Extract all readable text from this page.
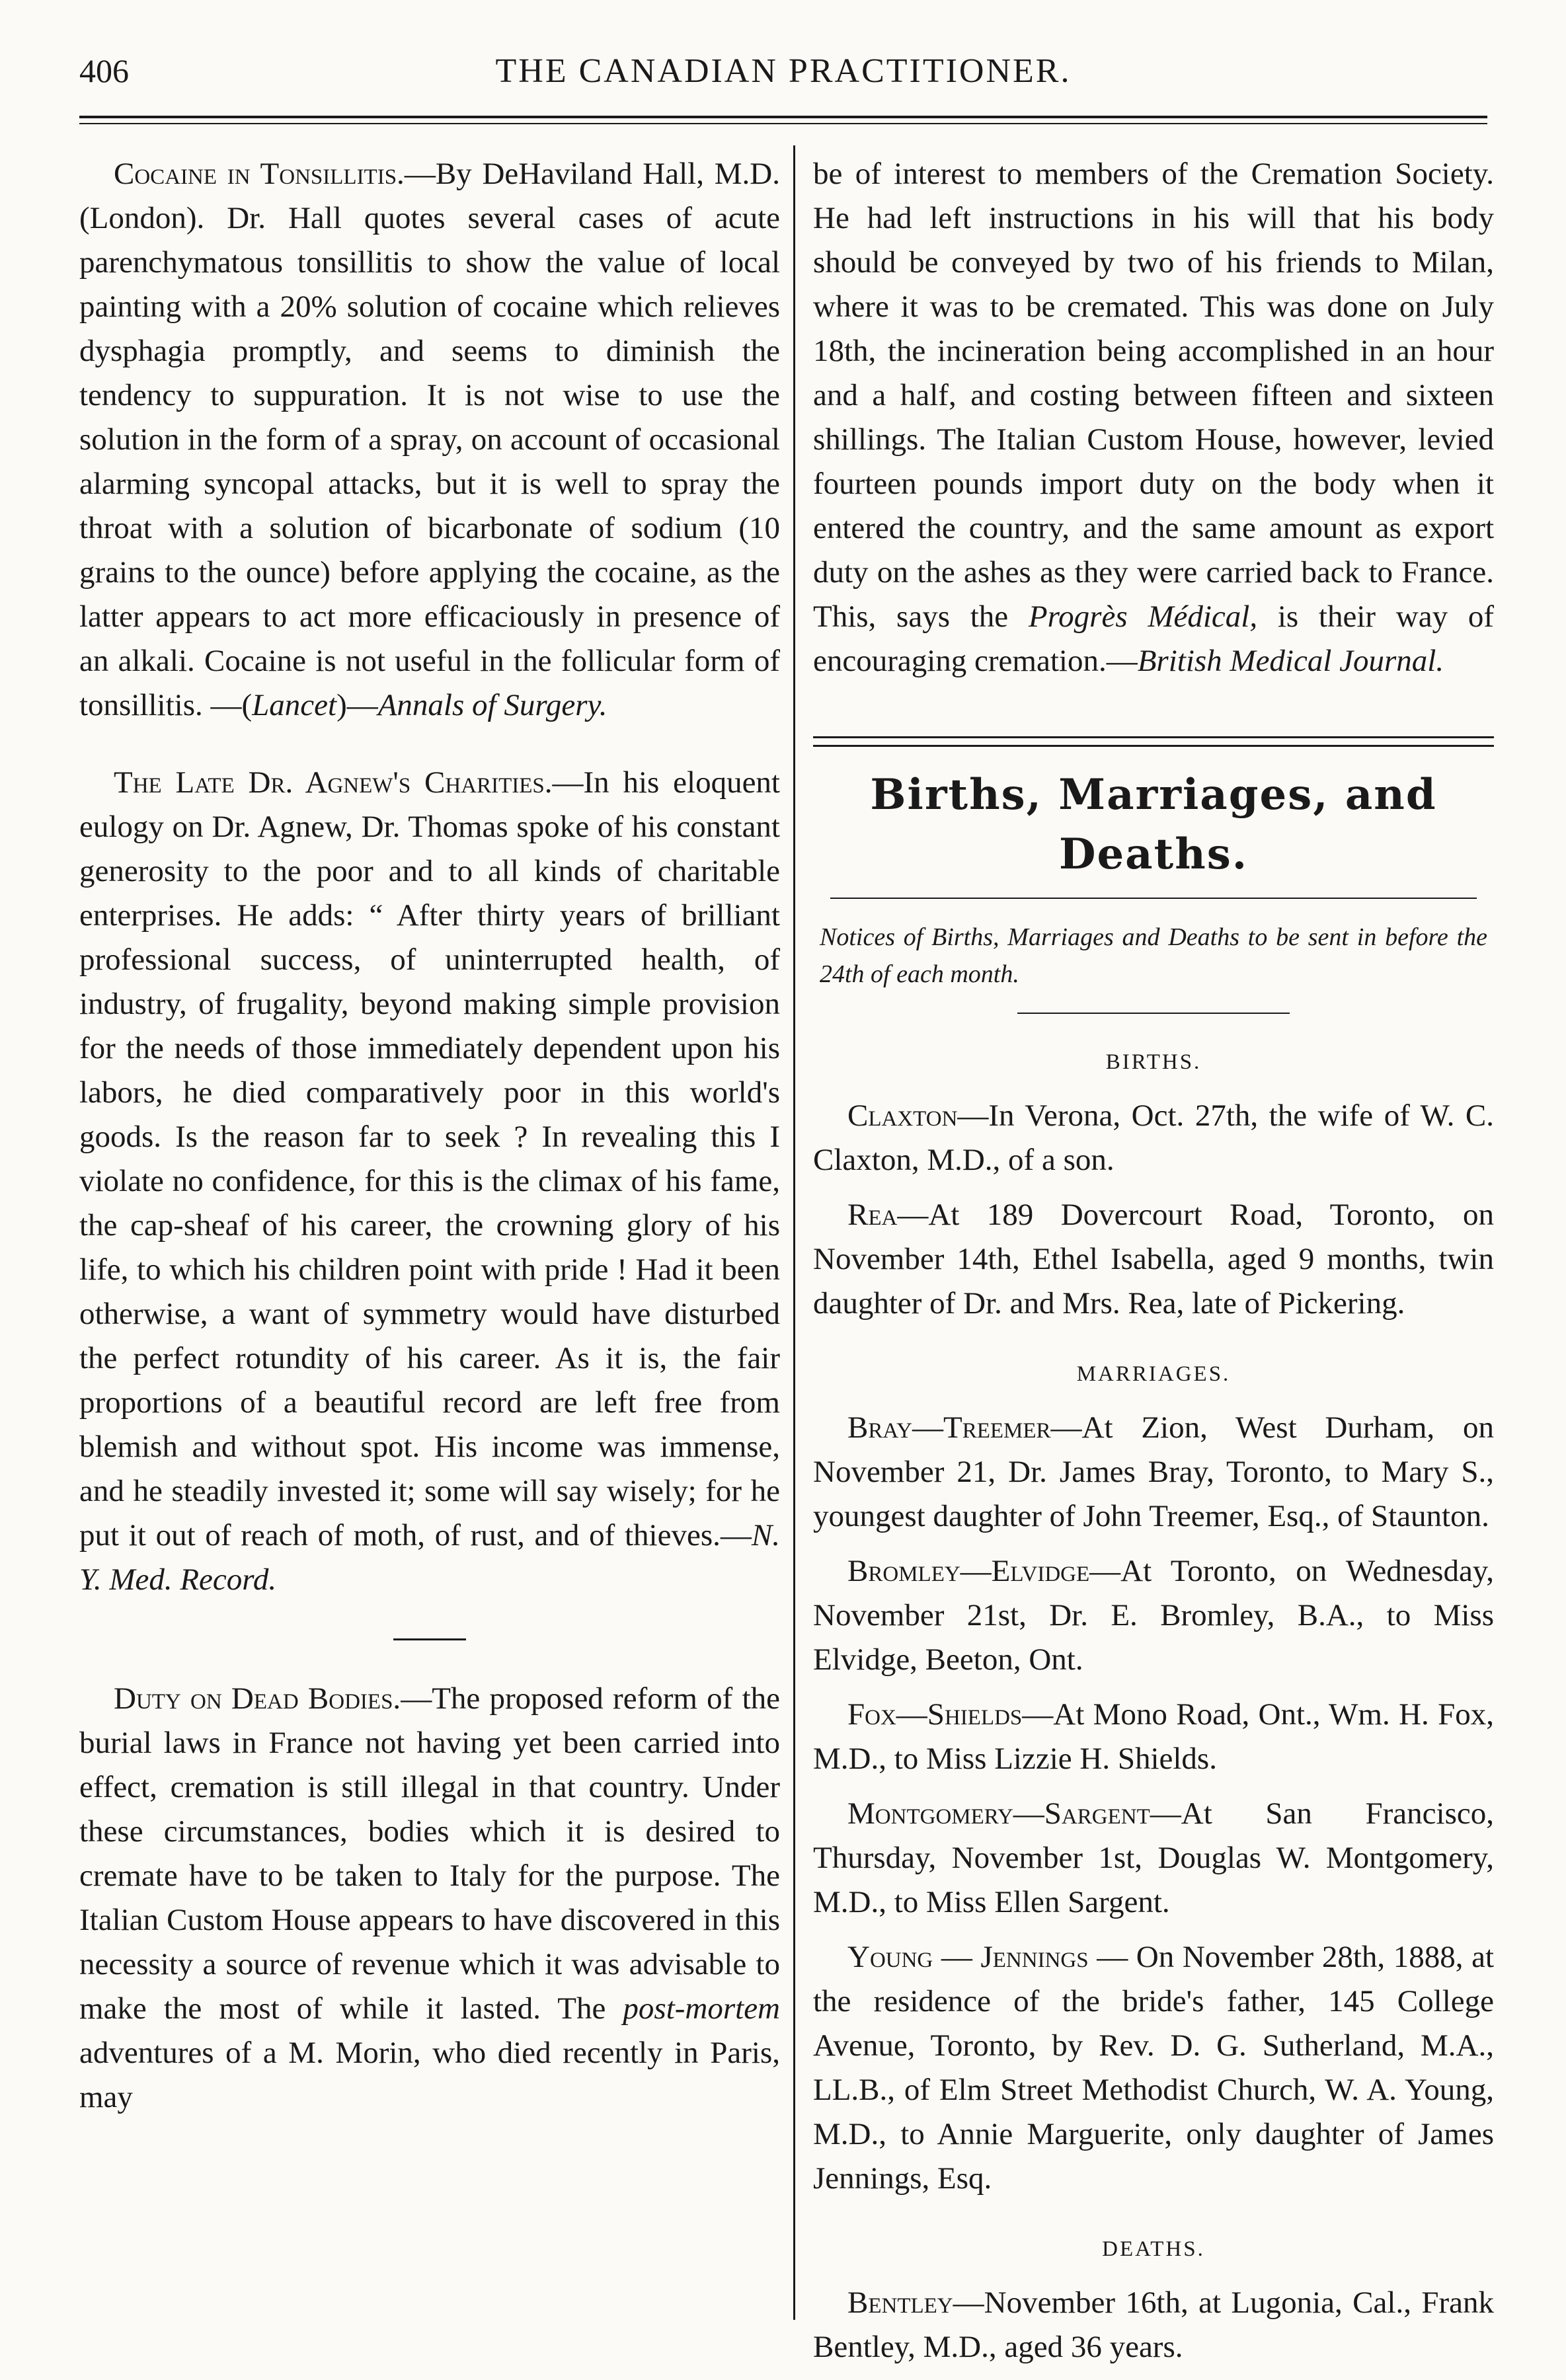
406	THE CANADIAN PRACTITIONER.

Cocaine in Tonsillitis.—By DeHaviland Hall, M.D. (London). Dr. Hall quotes several cases of acute parenchymatous tonsillitis to show the value of local painting with a 20% solution of cocaine which relieves dysphagia promptly, and seems to diminish the tendency to suppuration. It is not wise to use the solution in the form of a spray, on account of occasional alarming syncopal attacks, but it is well to spray the throat with a solution of bicarbonate of sodium (10 grains to the ounce) before applying the cocaine, as the latter appears to act more efficaciously in presence of an alkali. Cocaine is not useful in the follicular form of tonsillitis. —(Lancet)—Annals of Surgery.

The Late Dr. Agnew's Charities.—In his eloquent eulogy on Dr. Agnew, Dr. Thomas spoke of his constant generosity to the poor and to all kinds of charitable enterprises. He adds: “ After thirty years of brilliant professional success, of uninterrupted health, of industry, of frugality, beyond making simple provision for the needs of those immediately dependent upon his labors, he died comparatively poor in this world's goods. Is the reason far to seek ? In revealing this I violate no confidence, for this is the climax of his fame, the cap-sheaf of his career, the crowning glory of his life, to which his children point with pride ! Had it been otherwise, a want of symmetry would have disturbed the perfect rotundity of his career. As it is, the fair proportions of a beautiful record are left free from blemish and without spot. His income was immense, and he steadily invested it; some will say wisely; for he put it out of reach of moth, of rust, and of thieves.—N. Y. Med. Record.

Duty on Dead Bodies.—The proposed reform of the burial laws in France not having yet been carried into effect, cremation is still illegal in that country. Under these circumstances, bodies which it is desired to cremate have to be taken to Italy for the purpose. The Italian Custom House appears to have discovered in this necessity a source of revenue which it was advisable to make the most of while it lasted. The post-mortem adventures of a M. Morin, who died recently in Paris, may

be of interest to members of the Cremation Society. He had left instructions in his will that his body should be conveyed by two of his friends to Milan, where it was to be cremated. This was done on July 18th, the incineration being accomplished in an hour and a half, and costing between fifteen and sixteen shillings. The Italian Custom House, however, levied fourteen pounds import duty on the body when it entered the country, and the same amount as export duty on the ashes as they were carried back to France. This, says the Progrès Médical, is their way of encouraging cremation.—British Medical Journal.

Births, Marriages, and Deaths.

Notices of Births, Marriages and Deaths to be sent in before the 24th of each month.

BIRTHS.

Claxton—In Verona, Oct. 27th, the wife of W. C. Claxton, M.D., of a son.

Rea—At 189 Dovercourt Road, Toronto, on November 14th, Ethel Isabella, aged 9 months, twin daughter of Dr. and Mrs. Rea, late of Pickering.

MARRIAGES.

Bray—Treemer—At Zion, West Durham, on November 21, Dr. James Bray, Toronto, to Mary S., youngest daughter of John Treemer, Esq., of Staunton.

Bromley—Elvidge—At Toronto, on Wednesday, November 21st, Dr. E. Bromley, B.A., to Miss Elvidge, Beeton, Ont.

Fox—Shields—At Mono Road, Ont., Wm. H. Fox, M.D., to Miss Lizzie H. Shields.

Montgomery—Sargent—At San Francisco, Thursday, November 1st, Douglas W. Montgomery, M.D., to Miss Ellen Sargent.

Young — Jennings — On November 28th, 1888, at the residence of the bride's father, 145 College Avenue, Toronto, by Rev. D. G. Sutherland, M.A., LL.B., of Elm Street Methodist Church, W. A. Young, M.D., to Annie Marguerite, only daughter of James Jennings, Esq.

DEATHS.

Bentley—November 16th, at Lugonia, Cal., Frank Bentley, M.D., aged 36 years.
